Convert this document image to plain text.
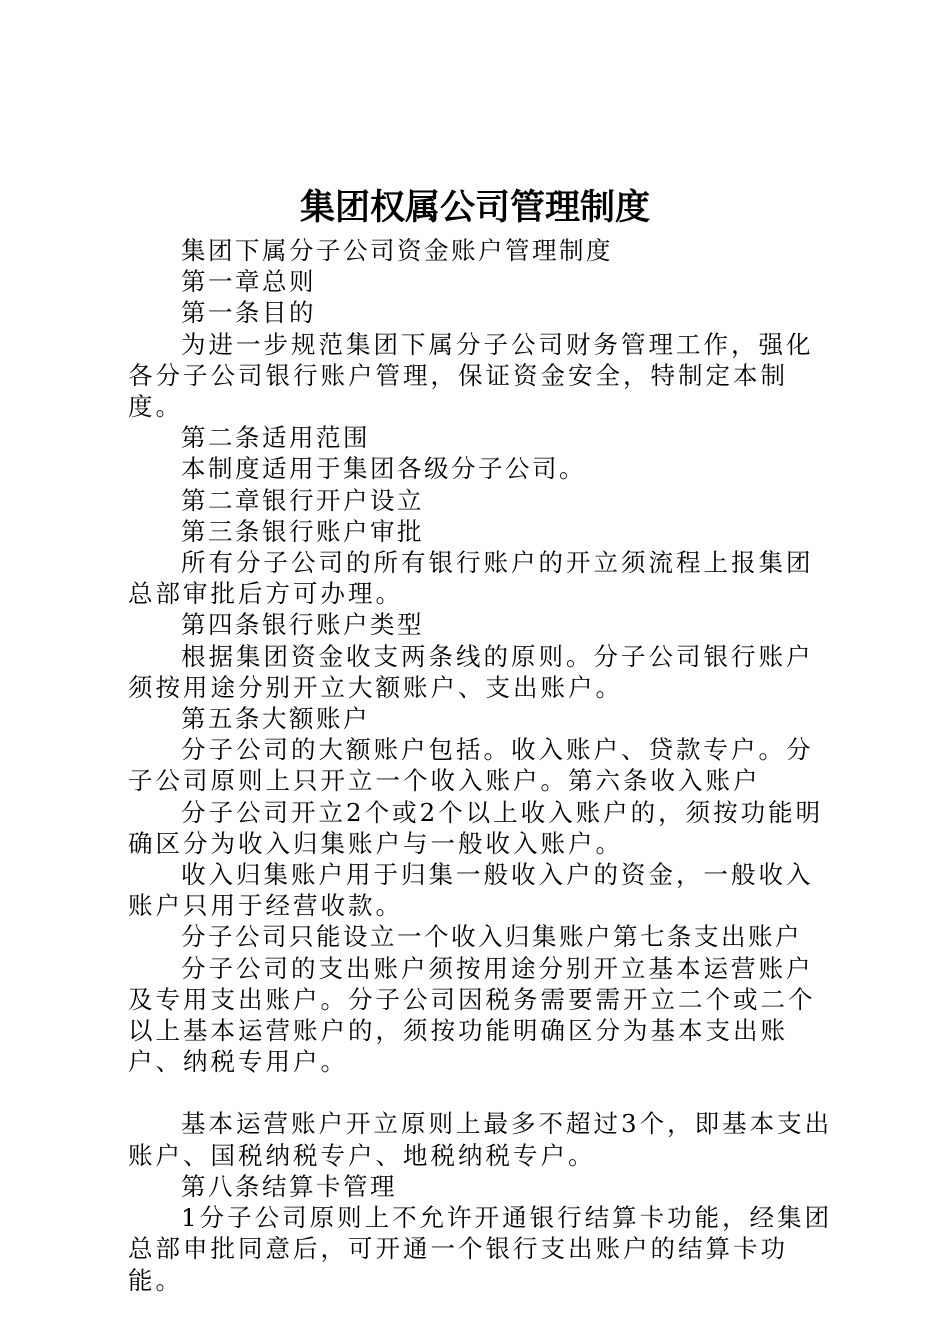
集团权属公司管理制度

集团下属分子公司资金账户管理制度

第一章总则

第一条目的

为进一步规范集团下属分子公司财务管理工作，强化各分子公司银行账户管理，保证资金安全，特制定本制度。

第二条适用范围

本制度适用于集团各级分子公司。

第二章银行开户设立

第三条银行账户审批

所有分子公司的所有银行账户的开立须流程上报集团总部审批后方可办理。

第四条银行账户类型

根据集团资金收支两条线的原则。分子公司银行账户须按用途分别开立大额账户、支出账户。

第五条大额账户

分子公司的大额账户包括。收入账户、贷款专户。分子公司原则上只开立一个收入账户。第六条收入账户

分子公司开立2个或2个以上收入账户的，须按功能明确区分为收入归集账户与一般收入账户。

收入归集账户用于归集一般收入户的资金，一般收入账户只用于经营收款。

分子公司只能设立一个收入归集账户第七条支出账户

分子公司的支出账户须按用途分别开立基本运营账户及专用支出账户。分子公司因税务需要需开立二个或二个以上基本运营账户的，须按功能明确区分为基本支出账户、纳税专用户。

基本运营账户开立原则上最多不超过3个，即基本支出账户、国税纳税专户、地税纳税专户。

第八条结算卡管理

1分子公司原则上不允许开通银行结算卡功能，经集团总部申批同意后，可开通一个银行支出账户的结算卡功能。
